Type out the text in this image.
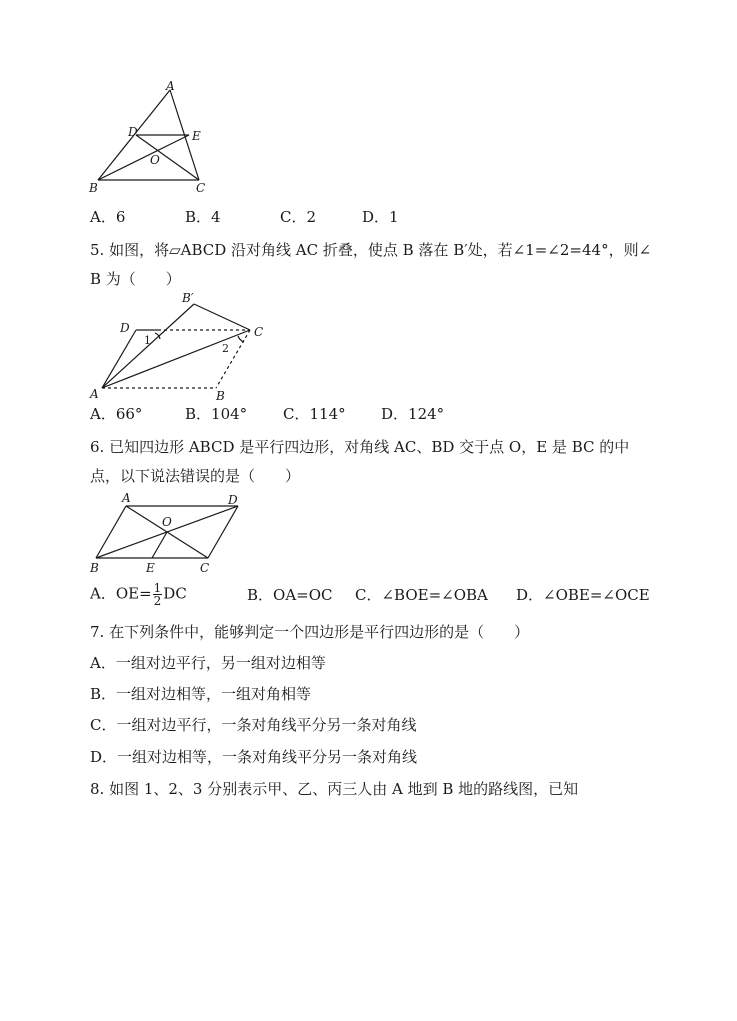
A
D	E
O
B	C
A．6	B．4	C．2	D．1
5. 如图，将▱ABCD 沿对角线 AC 折叠，使点 B 落在 B′处，若∠1=∠2=44°，则∠
B 为（　　）
B′
D	C
A	B
1
2
A．66°	B．104° C．114° D．124°
6. 已知四边形 ABCD 是平行四边形，对角线 AC、BD 交于点 O，E 是 BC 的中
点，以下说法错误的是（　　）
A	D
O
B	E	C
A．$OE= \frac{1}{2}$ DC	B．OA=OC C．∠BOE=∠OBA D．∠OBE=∠OCE
7. 在下列条件中，能够判定一个四边形是平行四边形的是（　　）
A．一组对边平行，另一组对边相等
B．一组对边相等，一组对角相等
C．一组对边平行，一条对角线平分另一条对角线
D．一组对边相等，一条对角线平分另一条对角线
8. 如图 1、2、3 分别表示甲、乙、丙三人由 A 地到 B 地的路线图，已知
